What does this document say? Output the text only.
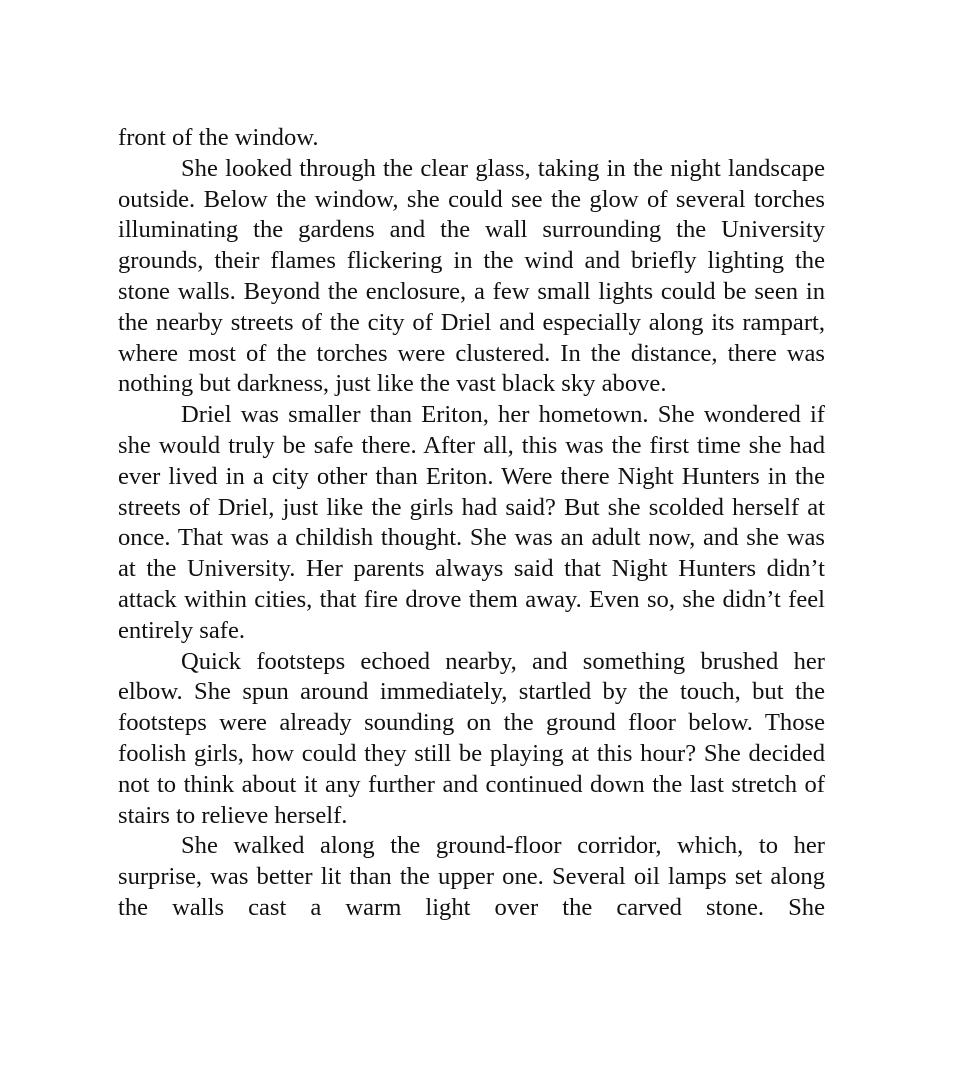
front of the window.

She looked through the clear glass, taking in the night landscape outside. Below the window, she could see the glow of several torches illuminating the gardens and the wall surrounding the University grounds, their flames flickering in the wind and briefly lighting the stone walls. Beyond the enclosure, a few small lights could be seen in the nearby streets of the city of Driel and especially along its rampart, where most of the torches were clustered. In the distance, there was nothing but darkness, just like the vast black sky above.

Driel was smaller than Eriton, her hometown. She wondered if she would truly be safe there. After all, this was the first time she had ever lived in a city other than Eriton. Were there Night Hunters in the streets of Driel, just like the girls had said? But she scolded herself at once. That was a childish thought. She was an adult now, and she was at the University. Her parents always said that Night Hunters didn’t attack within cities, that fire drove them away. Even so, she didn’t feel entirely safe.

Quick footsteps echoed nearby, and something brushed her elbow. She spun around immediately, startled by the touch, but the footsteps were already sounding on the ground floor below. Those foolish girls, how could they still be playing at this hour? She decided not to think about it any further and continued down the last stretch of stairs to relieve herself.

She walked along the ground-floor corridor, which, to her surprise, was better lit than the upper one. Several oil lamps set along the walls cast a warm light over the carved stone. She
